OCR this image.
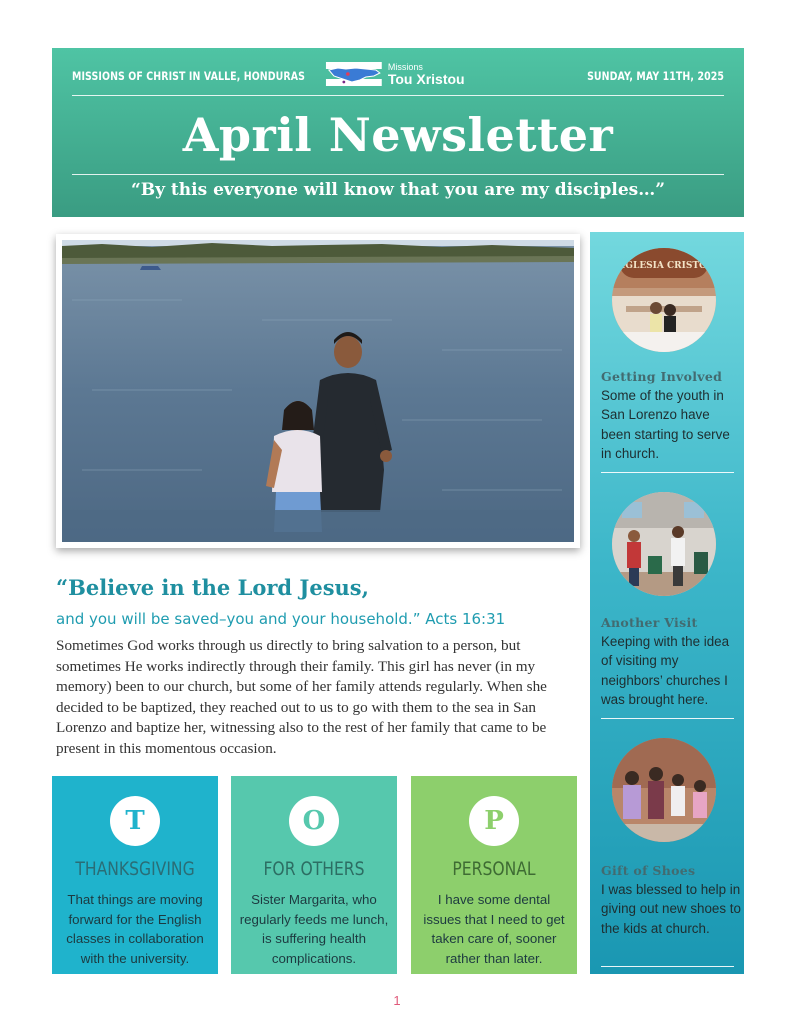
MISSIONS OF CHRIST IN VALLE, HONDURAS
Missions
Tou Xristou	SUNDAY, MAY 11TH, 2025
April Newsletter
“By this everyone will know that you are my disciples…”
“Believe in the Lord Jesus,
and you will be saved–you and your household.” Acts 16:31

Sometimes God works through us directly to bring salvation to a person, but sometimes He works indirectly through their family. This girl has never (in my memory) been to our church, but some of her family attends regularly. When she decided to be baptized, they reached out to us to go with them to the sea in San Lorenzo and baptize her, witnessing also to the rest of her family that came to be present in this momentous occasion.

T
THANKSGIVING
That things are moving forward for the English classes in collaboration with the university.
O
FOR OTHERS
Sister Margarita, who regularly feeds me lunch, is suffering health complications.
P
PERSONAL
I have some dental issues that I need to get taken care of, sooner rather than later.
IGLESIA CRISTO
Getting Involved
Some of the youth in San Lorenzo have been starting to serve in church.
Another Visit
Keeping with the idea of visiting my neighbors’ churches I was brought here.
Gift of Shoes
I was blessed to help in giving out new shoes to the kids at church.
1
